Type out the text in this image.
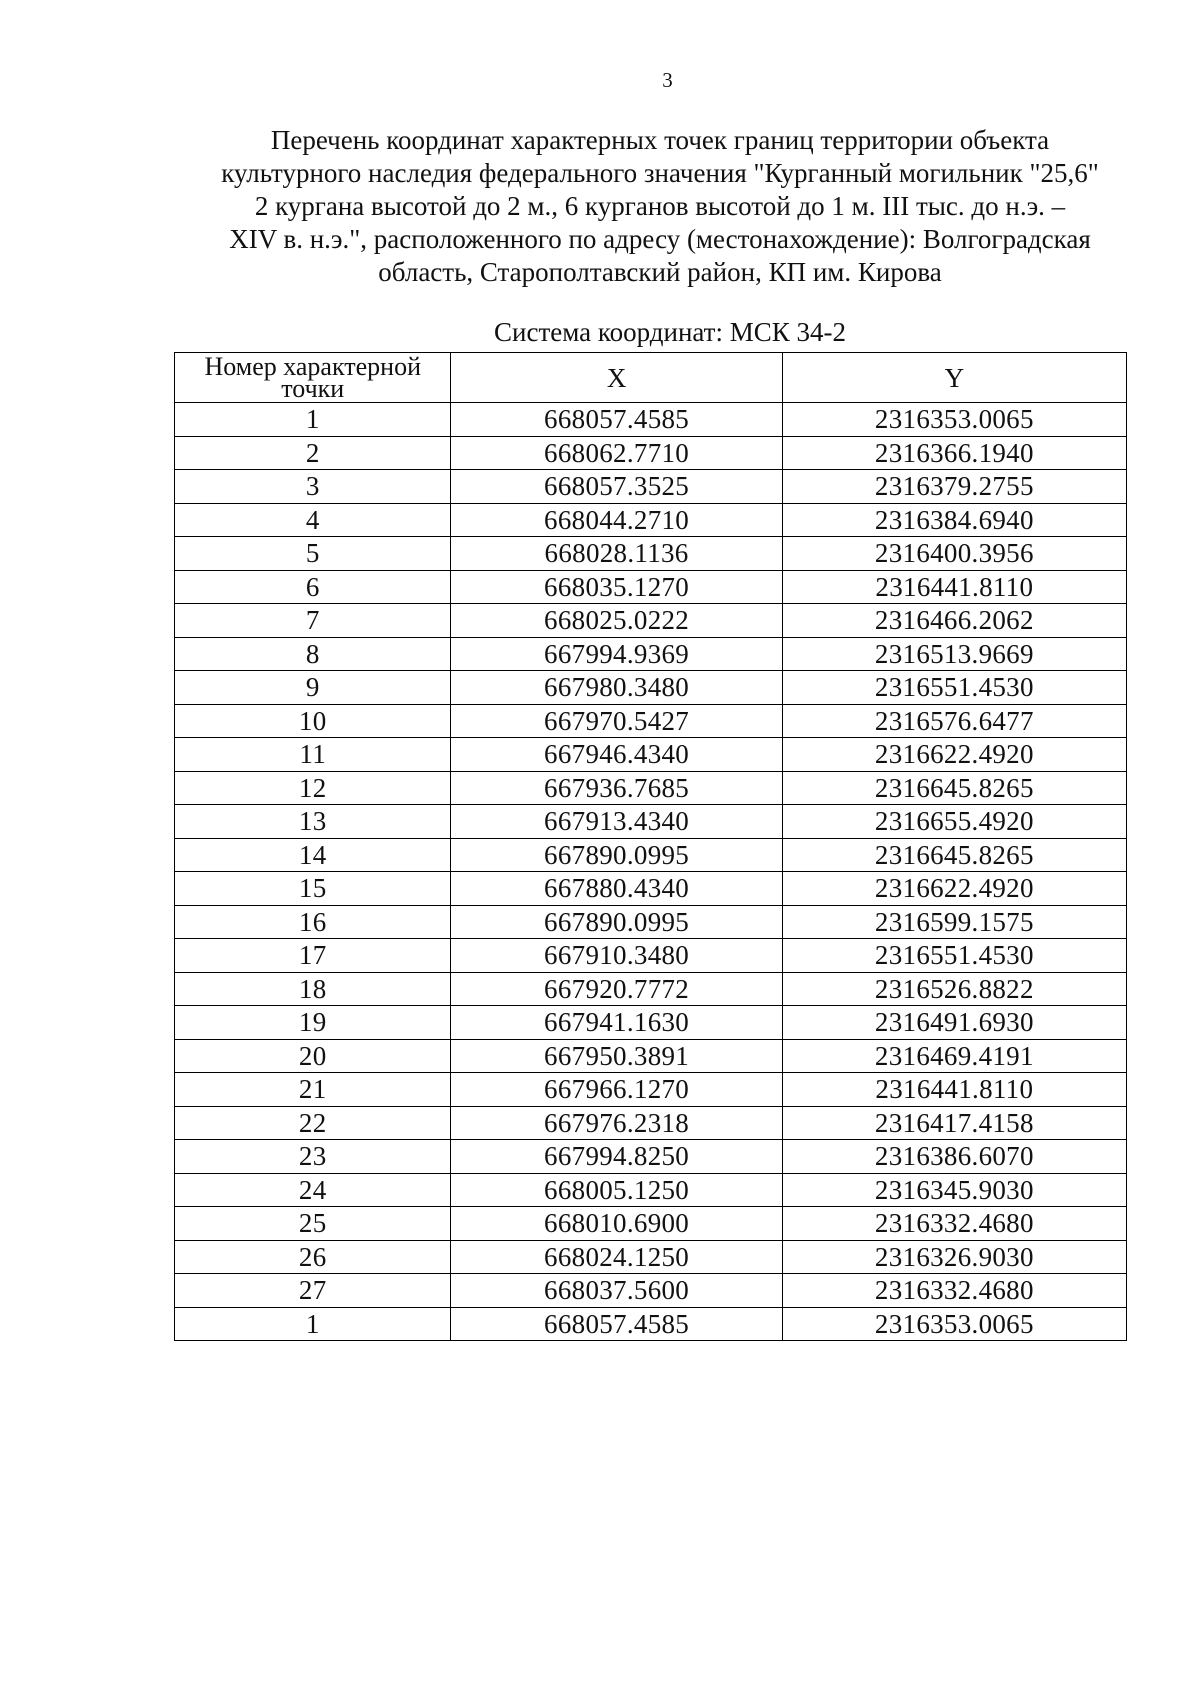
3
Перечень координат характерных точек границ территории объекта
культурного наследия федерального значения "Курганный могильник "25,6"
2 кургана высотой до 2 м., 6 курганов высотой до 1 м. III тыс. до н.э. –
XIV в. н.э.", расположенного по адресу (местонахождение): Волгоградская
область, Старополтавский район, КП им. Кирова
Система координат: МСК 34-2
Номер характерной точки	X	Y
1	668057.4585	2316353.0065
2	668062.7710	2316366.1940
3	668057.3525	2316379.2755
4	668044.2710	2316384.6940
5	668028.1136	2316400.3956
6	668035.1270	2316441.8110
7	668025.0222	2316466.2062
8	667994.9369	2316513.9669
9	667980.3480	2316551.4530
10	667970.5427	2316576.6477
11	667946.4340	2316622.4920
12	667936.7685	2316645.8265
13	667913.4340	2316655.4920
14	667890.0995	2316645.8265
15	667880.4340	2316622.4920
16	667890.0995	2316599.1575
17	667910.3480	2316551.4530
18	667920.7772	2316526.8822
19	667941.1630	2316491.6930
20	667950.3891	2316469.4191
21	667966.1270	2316441.8110
22	667976.2318	2316417.4158
23	667994.8250	2316386.6070
24	668005.1250	2316345.9030
25	668010.6900	2316332.4680
26	668024.1250	2316326.9030
27	668037.5600	2316332.4680
1	668057.4585	2316353.0065
